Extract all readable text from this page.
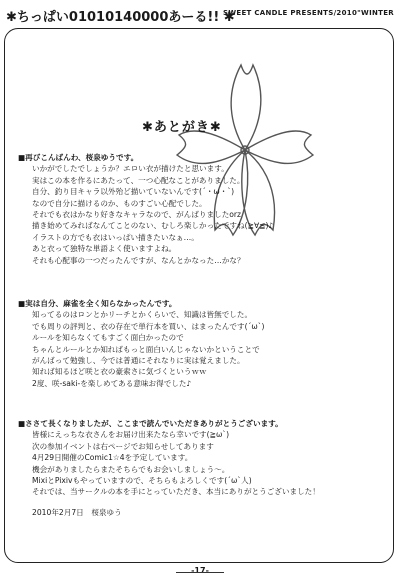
✱ちっぱい01010140000あーる!! ✱
SWEET CANDLE PRESENTS/2010"WINTER
✱あとがき✱
■再びこんばんわ、桜泉ゆうです。
いかがでしたでしょうか？エロい衣が描けたと思います。
実はこの本を作るにあたって、一つ心配なことがありました。
自分、釣り目キャラ以外殆ど描いていないんです(´・ω・`)
なので自分に描けるのか、ものすごい心配でした。
それでも衣はかなり好きなキャラなので、がんばりましたorz
描き始めてみればなんてことのない、むしろ楽しかったですね(≧∀≦)♪
イラストの方でも衣はいっぱい描きたいなぁ…。
あと衣って独特な単語よく使いますよね。
それも心配事の一つだったんですが、なんとかなった…かな？
■実は自分、麻雀を全く知らなかったんです。
知ってるのはロンとかリーチとかくらいで、知識は皆無でした。
でも周りの評判と、衣の存在で単行本を買い、はまったんです(´ω`)
ルールを知らなくてもすごく面白かったので
ちゃんとルールとか知ればもっと面白いんじゃないかということで
がんばって勉強し、今では普通にそれなりに実は覚えました。
知れば知るほど咲と衣の豪索さに気づくというｗｗ
2度、咲-saki-を楽しめてある意味お得でした♪
■ささて長くなりましたが、ここまで読んでいただきありがとうございます。
皆様にえっちな衣さんをお届け出来たなら幸いです(≧ω`)
次の参加イベントは右ページでお知らせしてあります
4月29日開催のComic1☆4を予定しています。
機会がありましたらまたそちらでもお会いしましょう〜。
MixiとPixivもやっていますので、そちらもよろしくです(´ω`人)
それでは、当サークルの本を手にとっていただき、本当にありがとうございました！
2010年2月7日　桜泉ゆう
-17-
